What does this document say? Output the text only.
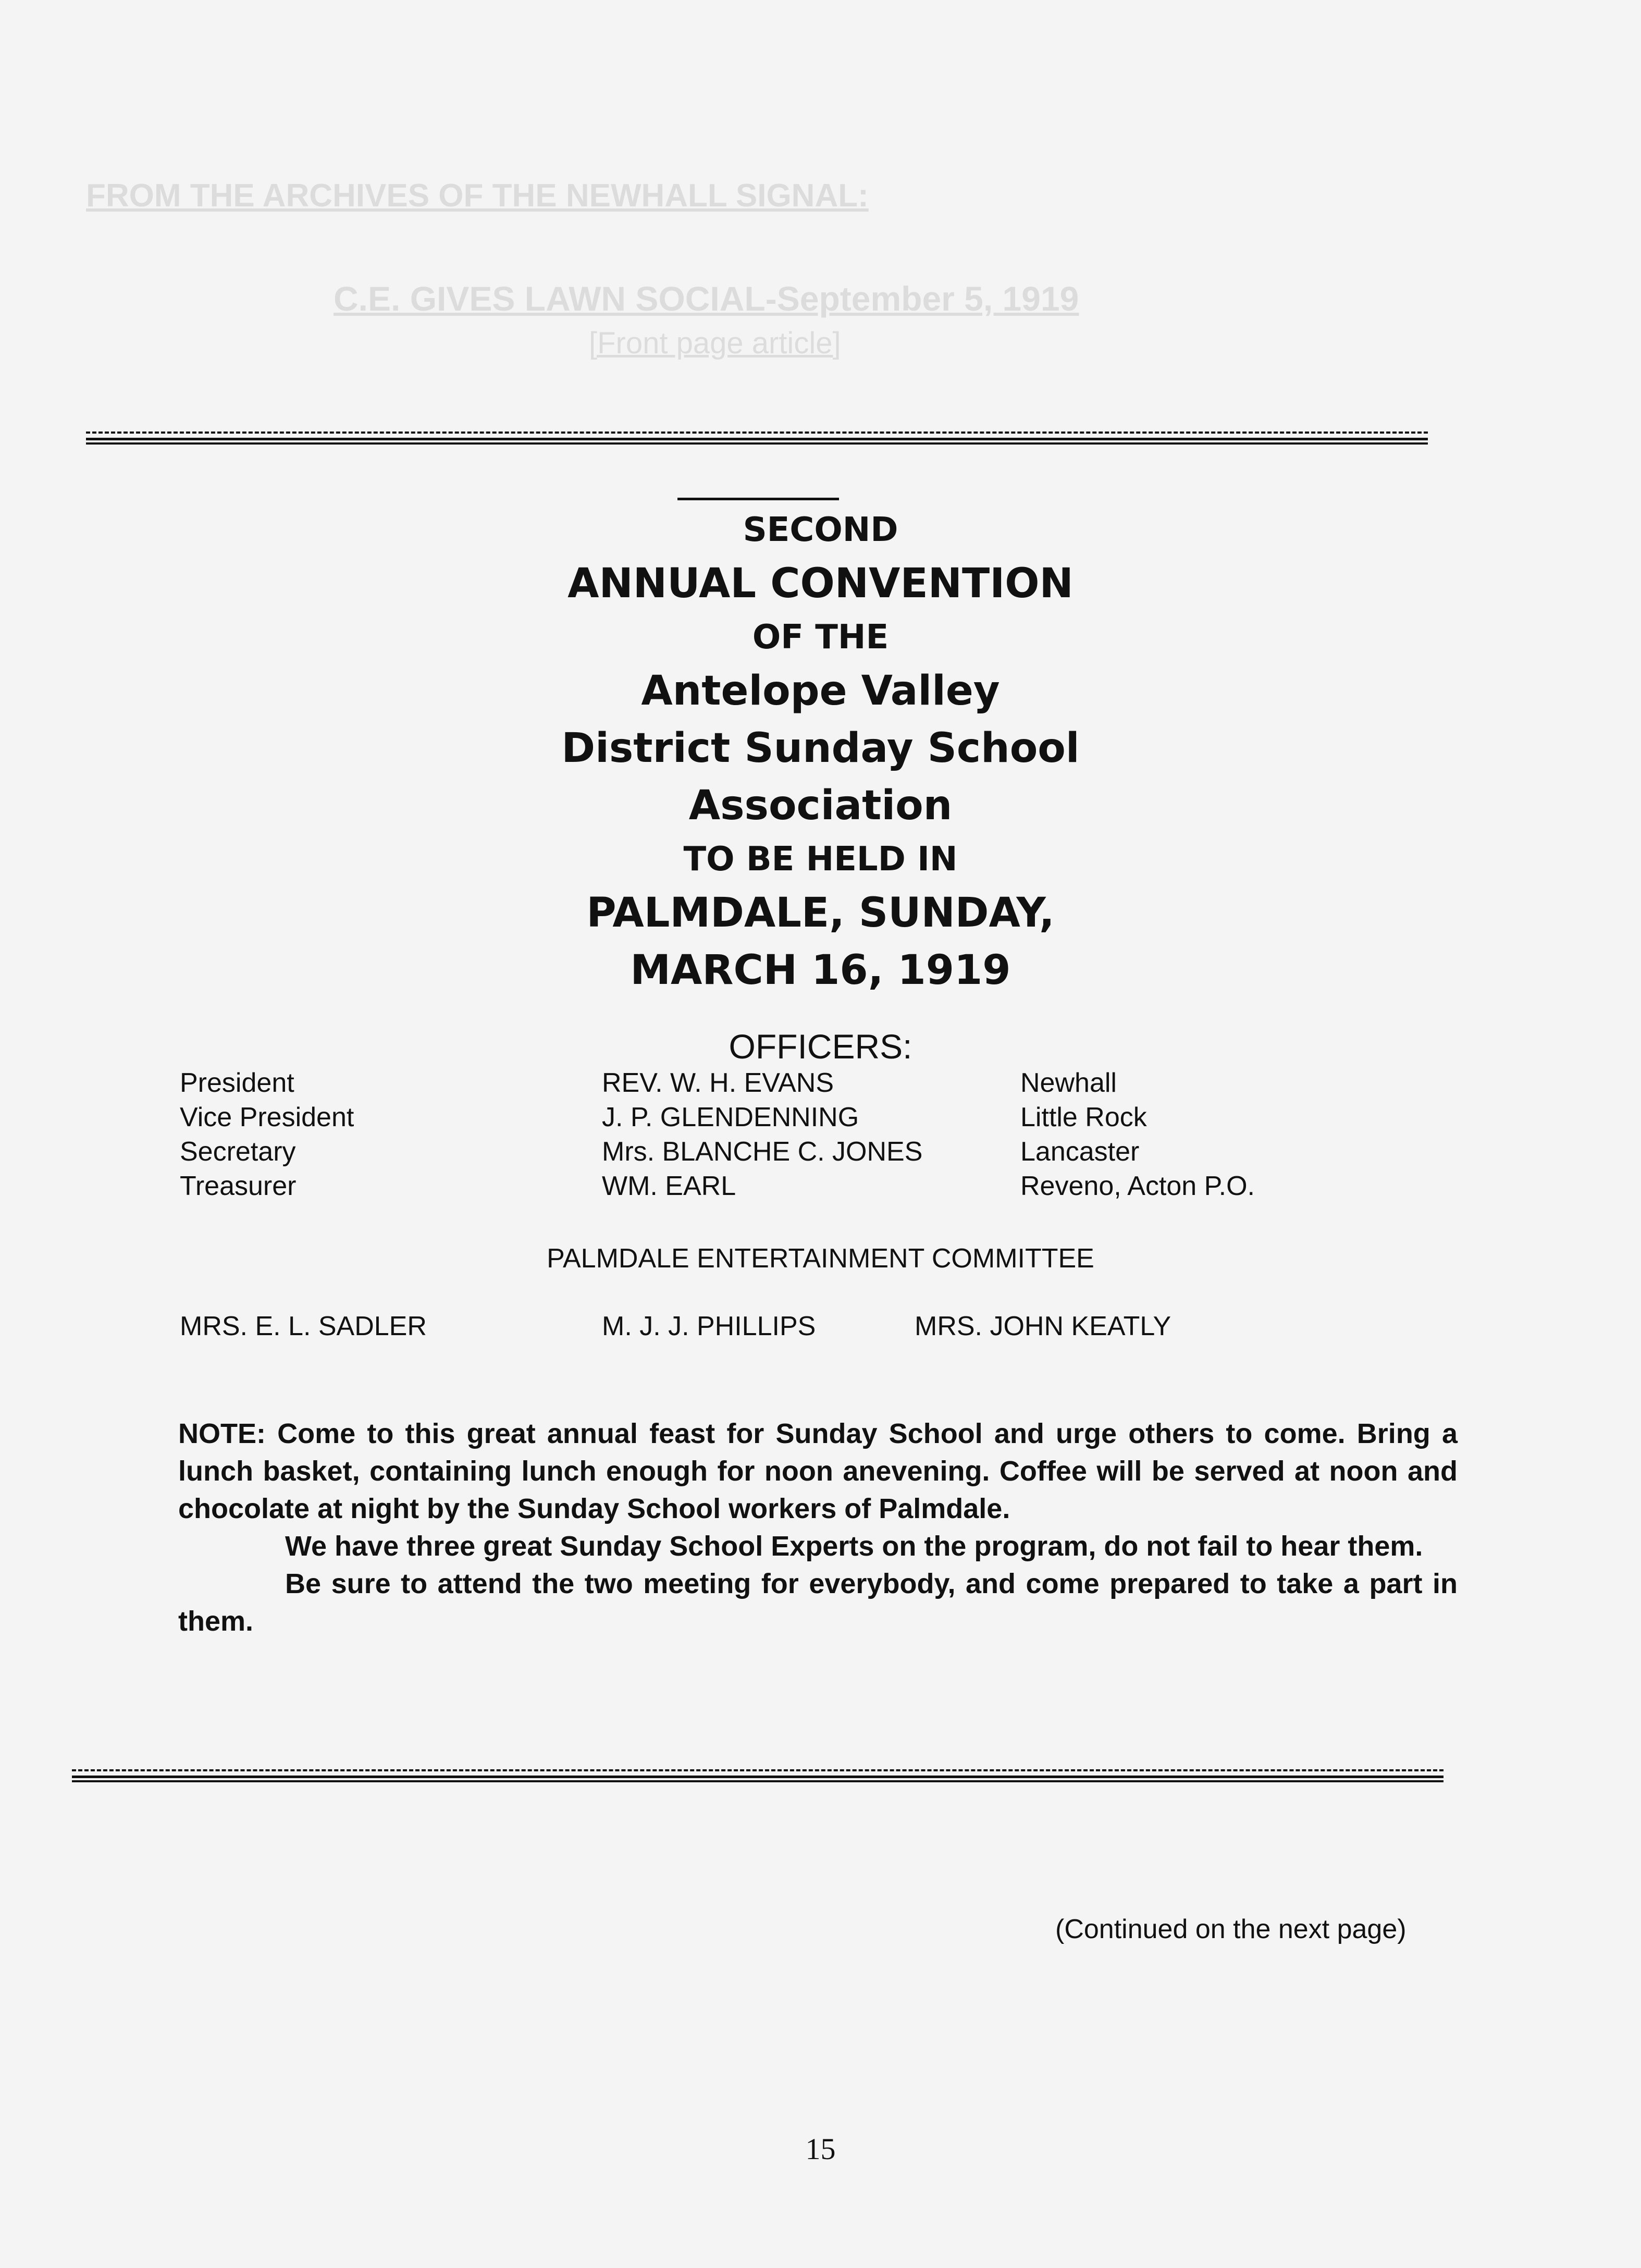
FROM THE ARCHIVES OF THE NEWHALL SIGNAL:
C.E. GIVES LAWN SOCIAL-September 5, 1919
[Front page article]
SECOND
ANNUAL CONVENTION
OF THE
Antelope Valley
District Sunday School
Association
TO BE HELD IN
PALMDALE, SUNDAY,
MARCH 16, 1919
OFFICERS:
President
Vice President
Secretary
Treasurer
REV. W. H. EVANS
J. P. GLENDENNING
Mrs. BLANCHE C. JONES
WM. EARL
Newhall
Little Rock
Lancaster
Reveno, Acton P.O.
PALMDALE ENTERTAINMENT COMMITTEE
MRS. E. L. SADLER	M. J. J. PHILLIPS	MRS. JOHN KEATLY

NOTE: Come to this great annual feast for Sunday School and urge others to come. Bring a lunch basket, containing lunch enough for noon anevening. Coffee will be served at noon and chocolate at night by the Sunday School workers of Palmdale.

We have three great Sunday School Experts on the program, do not fail to hear them.

Be sure to attend the two meeting for everybody, and come prepared to take a part in them.

(Continued on the next page)
15
